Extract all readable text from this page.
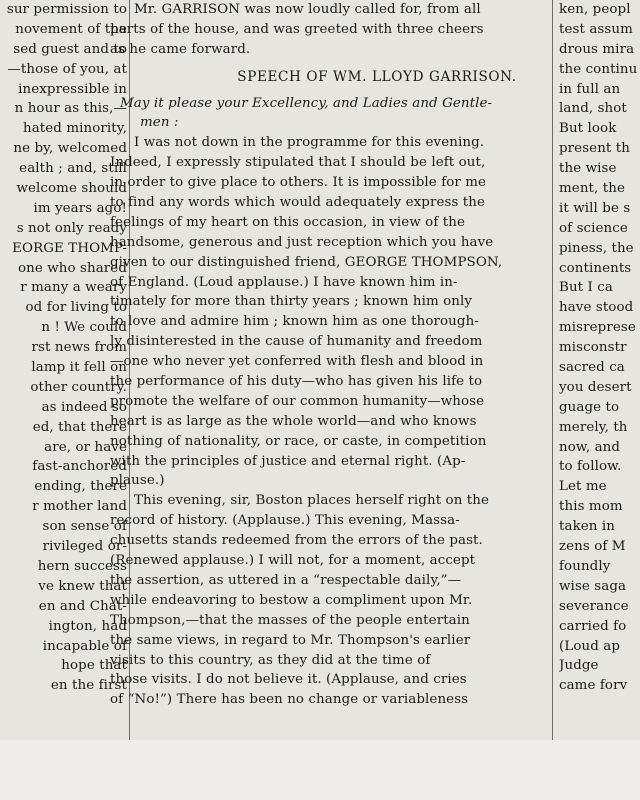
sur permission to
novement of the
sed guest and to
—those of you, at
inexpressible in
n hour as this,—
hated minority,
ne by, welcomed
ealth ; and, still
welcome should
im years ago!
s not only ready
EORGE THOMP-
one who shared
r many a weary
od for living to
n ! We could
rst news from
lamp it fell on
other country.
as indeed so
ed, that there
are, or have
fast-anchored
ending, there
r mother land
son sense of
rivileged or-
hern success
ve knew that
en and Chat-
ington, had
incapable of
hope that
en the first
Mr. GARRISON was now loudly called for, from all
parts of the house, and was greeted with three cheers
as he came forward.
SPEECH OF WM. LLOYD GARRISON.
May it please your Excellency, and Ladies and Gentle-
men :
I was not down in the programme for this evening.
Indeed, I expressly stipulated that I should be left out,
in order to give place to others. It is impossible for me
to find any words which would adequately express the
feelings of my heart on this occasion, in view of the
handsome, generous and just reception which you have
given to our distinguished friend, GEORGE THOMPSON,
of England. (Loud applause.) I have known him in-
timately for more than thirty years ; known him only
to love and admire him ; known him as one thorough-
ly disinterested in the cause of humanity and freedom
—one who never yet conferred with flesh and blood in
the performance of his duty—who has given his life to
promote the welfare of our common humanity—whose
heart is as large as the whole world—and who knows
nothing of nationality, or race, or caste, in competition
with the principles of justice and eternal right. (Ap-
plause.)
This evening, sir, Boston places herself right on the
record of history. (Applause.) This evening, Massa-
chusetts stands redeemed from the errors of the past.
(Renewed applause.) I will not, for a moment, accept
the assertion, as uttered in a “respectable daily,”—
while endeavoring to bestow a compliment upon Mr.
Thompson,—that the masses of the people entertain
the same views, in regard to Mr. Thompson's earlier
visits to this country, as they did at the time of
those visits. I do not believe it. (Applause, and cries
of “No!”) There has been no change or variableness
ken, peopl
test assum
drous mira
the continu
in full an
land, shot
But look
present th
the wise
ment, the
it will be s
of science
piness, the
continents
But I ca
have stood
misreprese
misconstr
sacred ca
you desert
guage to
merely, th
now, and
to follow.
Let me
this mom
taken in
zens of M
foundly
wise saga
severance
carried fo
(Loud ap
Judge
came forv
